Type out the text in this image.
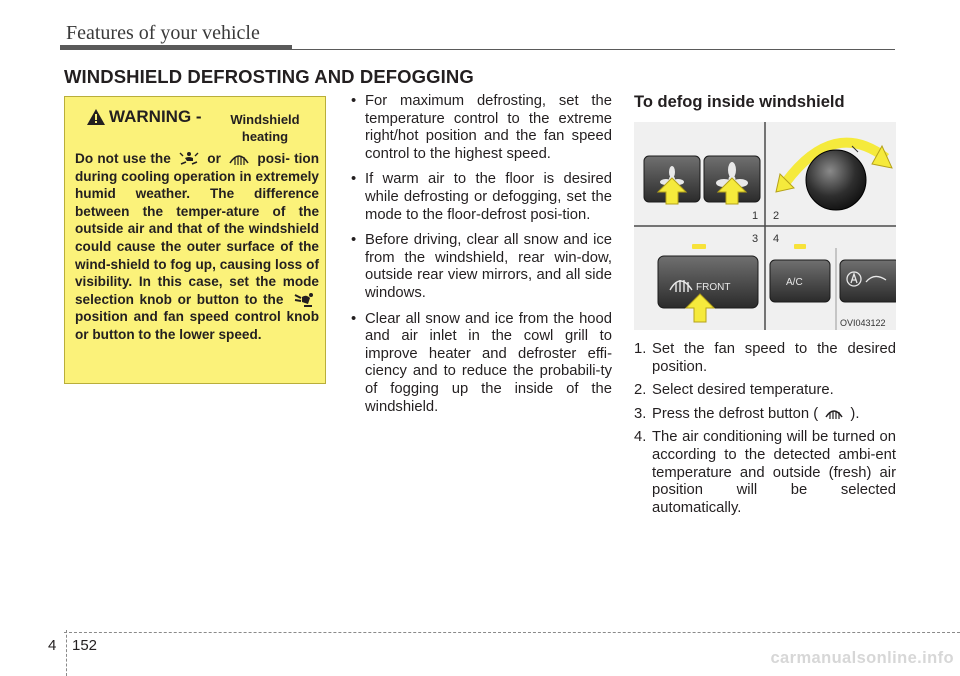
Features of your vehicle
WINDSHIELD DEFROSTING AND DEFOGGING
WARNING -	Windshield heating
Do not use the	or	posi- tion during cooling operation in extremely humid weather. The difference between the temper-ature of the outside air and that of the windshield could cause the outer surface of the wind-shield to fog up, causing loss of visibility. In this case, set the mode selection knob or button to the  position and fan speed control knob or button to the lower speed.
• For maximum defrosting, set the temperature control to the extreme right/hot position and the fan speed control to the highest speed.
• If warm air to the floor is desired while defrosting or defogging, set the mode to the floor-defrost posi-tion.
• Before driving, clear all snow and ice from the windshield, rear win-dow, outside rear view mirrors, and all side windows.
• Clear all snow and ice from the hood and air inlet in the cowl grill to improve heater and defroster effi-ciency and to reduce the probabili-ty of fogging up the inside of the windshield.
To defog inside windshield
1 2
3 4
FRONT	A/C
OVI043122
1. Set the fan speed to the desired position.
2. Select desired temperature.
3. Press the defrost button ( ).
4. The air conditioning will be turned on according to the detected ambi-ent temperature and outside (fresh) air position will be selected automatically.
4 152
carmanualsonline.info
